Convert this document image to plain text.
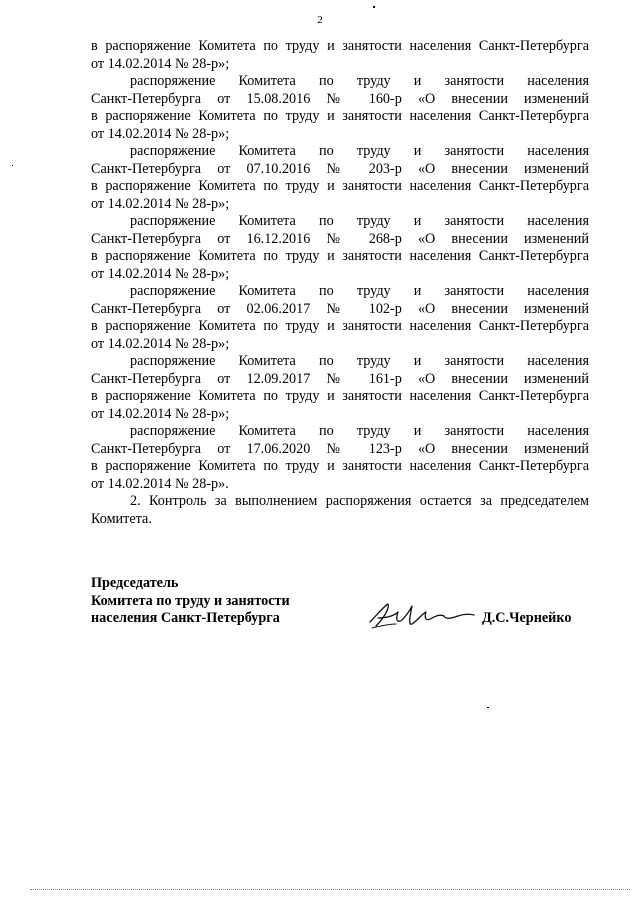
2
в распоряжение Комитета по труду и занятости населения Санкт-Петербурга
от 14.02.2014 № 28-р»;
распоряжение Комитета по труду и занятости населения
Санкт-Петербурга от 15.08.2016 № 160-р «О внесении изменений
в распоряжение Комитета по труду и занятости населения Санкт-Петербурга
от 14.02.2014 № 28-р»;
распоряжение Комитета по труду и занятости населения
Санкт-Петербурга от 07.10.2016 № 203-р «О внесении изменений
в распоряжение Комитета по труду и занятости населения Санкт-Петербурга
от 14.02.2014 № 28-р»;
распоряжение Комитета по труду и занятости населения
Санкт-Петербурга от 16.12.2016 № 268-р «О внесении изменений
в распоряжение Комитета по труду и занятости населения Санкт-Петербурга
от 14.02.2014 № 28-р»;
распоряжение Комитета по труду и занятости населения
Санкт-Петербурга от 02.06.2017 № 102-р «О внесении изменений
в распоряжение Комитета по труду и занятости населения Санкт-Петербурга
от 14.02.2014 № 28-р»;
распоряжение Комитета по труду и занятости населения
Санкт-Петербурга от 12.09.2017 № 161-р «О внесении изменений
в распоряжение Комитета по труду и занятости населения Санкт-Петербурга
от 14.02.2014 № 28-р»;
распоряжение Комитета по труду и занятости населения
Санкт-Петербурга от 17.06.2020 № 123-р «О внесении изменений
в распоряжение Комитета по труду и занятости населения Санкт-Петербурга
от 14.02.2014 № 28-р».
2. Контроль за выполнением распоряжения остается за председателем
Комитета.
Председатель
Комитета по труду и занятости
населения Санкт-Петербурга	Д.С.Чернейко
